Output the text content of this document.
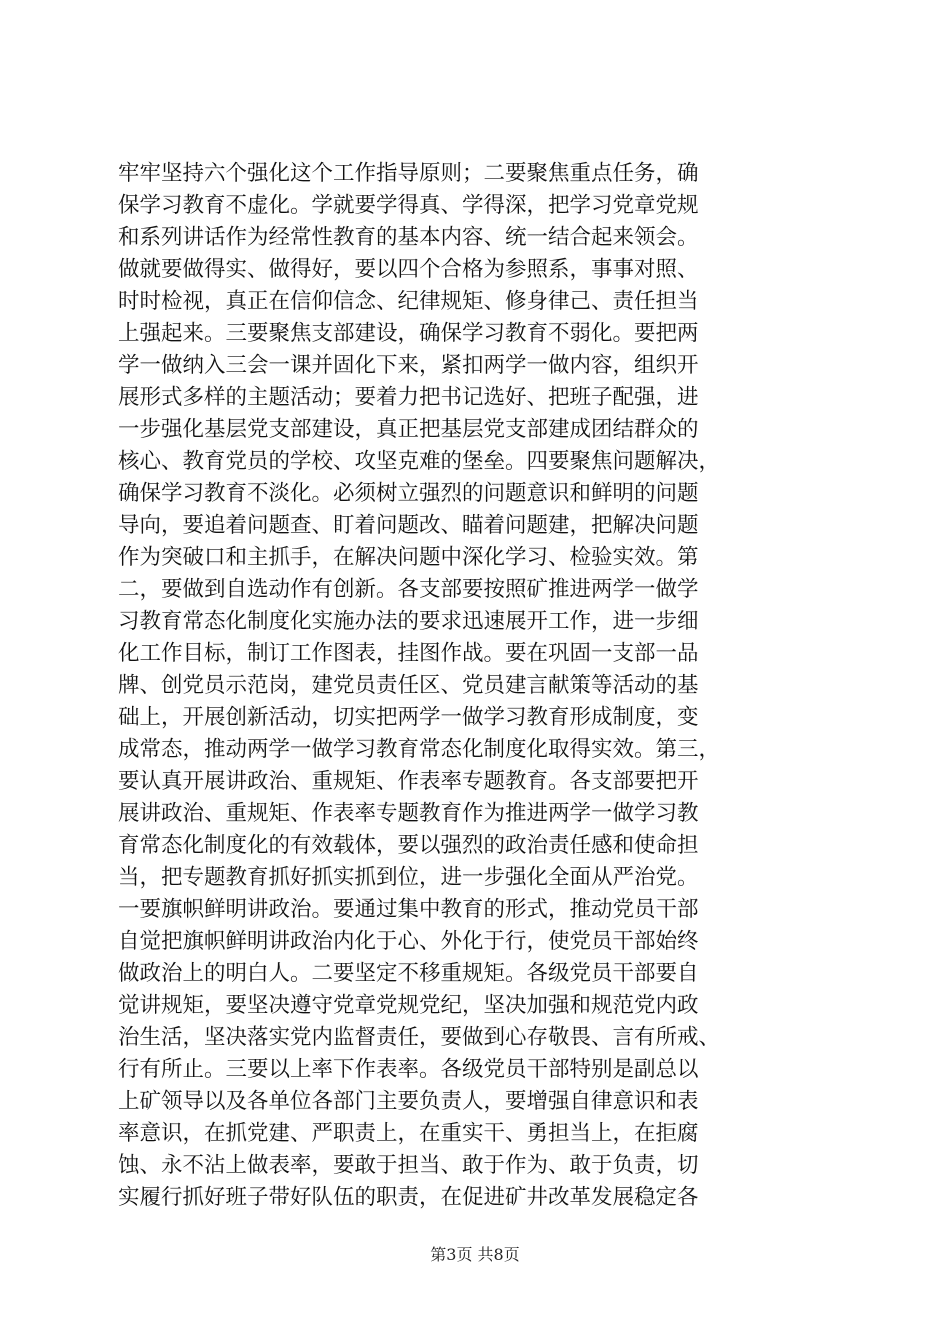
牢牢坚持六个强化这个工作指导原则；二要聚焦重点任务，确
保学习教育不虚化。学就要学得真、学得深，把学习党章党规
和系列讲话作为经常性教育的基本内容、统一结合起来领会。
做就要做得实、做得好，要以四个合格为参照系，事事对照、
时时检视，真正在信仰信念、纪律规矩、修身律己、责任担当
上强起来。三要聚焦支部建设，确保学习教育不弱化。要把两
学一做纳入三会一课并固化下来，紧扣两学一做内容，组织开
展形式多样的主题活动；要着力把书记选好、把班子配强，进
一步强化基层党支部建设，真正把基层党支部建成团结群众的
核心、教育党员的学校、攻坚克难的堡垒。四要聚焦问题解决，
确保学习教育不淡化。必须树立强烈的问题意识和鲜明的问题
导向，要追着问题查、盯着问题改、瞄着问题建，把解决问题
作为突破口和主抓手，在解决问题中深化学习、检验实效。第
二，要做到自选动作有创新。各支部要按照矿推进两学一做学
习教育常态化制度化实施办法的要求迅速展开工作，进一步细
化工作目标，制订工作图表，挂图作战。要在巩固一支部一品
牌、创党员示范岗，建党员责任区、党员建言献策等活动的基
础上，开展创新活动，切实把两学一做学习教育形成制度，变
成常态，推动两学一做学习教育常态化制度化取得实效。第三，
要认真开展讲政治、重规矩、作表率专题教育。各支部要把开
展讲政治、重规矩、作表率专题教育作为推进两学一做学习教
育常态化制度化的有效载体，要以强烈的政治责任感和使命担
当，把专题教育抓好抓实抓到位，进一步强化全面从严治党。
一要旗帜鲜明讲政治。要通过集中教育的形式，推动党员干部
自觉把旗帜鲜明讲政治内化于心、外化于行，使党员干部始终
做政治上的明白人。二要坚定不移重规矩。各级党员干部要自
觉讲规矩，要坚决遵守党章党规党纪，坚决加强和规范党内政
治生活，坚决落实党内监督责任，要做到心存敬畏、言有所戒、
行有所止。三要以上率下作表率。各级党员干部特别是副总以
上矿领导以及各单位各部门主要负责人，要增强自律意识和表
率意识，在抓党建、严职责上，在重实干、勇担当上，在拒腐
蚀、永不沾上做表率，要敢于担当、敢于作为、敢于负责，切
实履行抓好班子带好队伍的职责，在促进矿井改革发展稳定各
第3页 共8页
